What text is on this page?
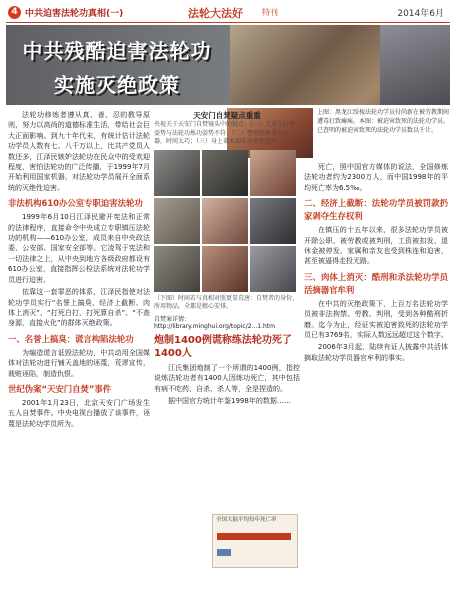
4 中共迫害法轮功真相(一)	法轮大法好 特刊	2014年6月
中共残酷迫害法轮功
实施灭绝政策
上图：黑龙江绥棱法轮功学员付尚新在被劳教期间遭毒打致瘫痪。本图：被迫害致死的法轮功学员。已查明的被迫害致死的法轮功学员数以千计。

法轮功修炼者遵从真、善、忍的教导原则，努力以高尚的道德标准生活，带给社会巨大正面影响。到九十年代末，有统计估计法轮功学员人数有七、八千万以上，比共产党员人数还多，江泽民嫉妒法轮功在民众中的受欢迎程度，害怕法轮功的广泛传播，于1999年7月开始利用国家机器，对法轮功学员展开全面系统的灭绝性迫害。

非法机构610办公室专职迫害法轮功

1999年6月10日江泽民避开宪法和正常的法律程序，直接命令中央成立专职镇压法轮功的机构——610办公室，成员来自中央政法委、公安部、国家安全部等。它凌驾于宪法和一切法律之上，从中央到地方各级政府都设有610办公室，直接指挥公检法系统对法轮功学员进行迫害。

依靠这一套罪恶的体系，江泽民指使对法轮功学员实行“名誉上搞臭、经济上截断、肉体上消灭”、“打死白打，打死算自杀”、“不查身源，直接火化”的群体灭绝政策。

一、名誉上搞臭：谎言构陷法轮功

为编造谎言诋毁法轮功，中共动用全国媒体对法轮功进行铺天盖地的诬蔑，荒谬宣传，栽赃诬陷，制造仇恨。

世纪伪案“天安门自焚”事件

2001年1月23日，北京天安门广场发生五人自焚事件。中央电视台播放了该事件，诬蔑是法轮功学员所为。

天安门自焚疑点重重
央视关于天安门自焚镜头中的疑点：（一）王进东打坐姿势与法轮功炼功姿势不符；（二）警察跑来拿灭火器，时间太巧；（三）身上着火却头发依然完好……
（下图）时间若与真相对照更显荒唐：自焚者的身份、所用物品，全都是精心安排。
自焚案详情：
http://library.minghui.org/topic/2...1.htm
炮制1400例谎称练法轮功死了1400人

江氏集团炮制了一个所谓的1400例，指控说炼法轮功者有1400人因练功死亡，其中包括有病不吃药、自杀、杀人等，全是捏造的。

据中国官方统计年鉴1998年的数据……

死亡，照中国官方媒体的说法，全国修炼法轮功者约为2300万人，而中国1998年的平均死亡率为6.5‰。

二、经济上截断：法轮功学员被罚款扔家剥夺生存权利

在镇压的十五年以来，很多法轮功学员被开除公职、被劳教或被判刑，工资被扣发、退休金被停发，家属和亲友也受到株连和迫害，甚至被逼得走投无路。

三、肉体上消灭：酷刑和杀法轮功学员 活摘器官牟利

在中共的灭绝政策下，上百万名法轮功学员被非法拘禁、劳教、判刑，受到各种酷刑折磨。迄今为止，经证实被迫害致死的法轮功学员已有3769名，实际人数远远超过这个数字。

2006年3月起，陆续有证人披露中共活体摘取法轮功学员器官牟利的事实。

全国大陆平均每年死亡率
